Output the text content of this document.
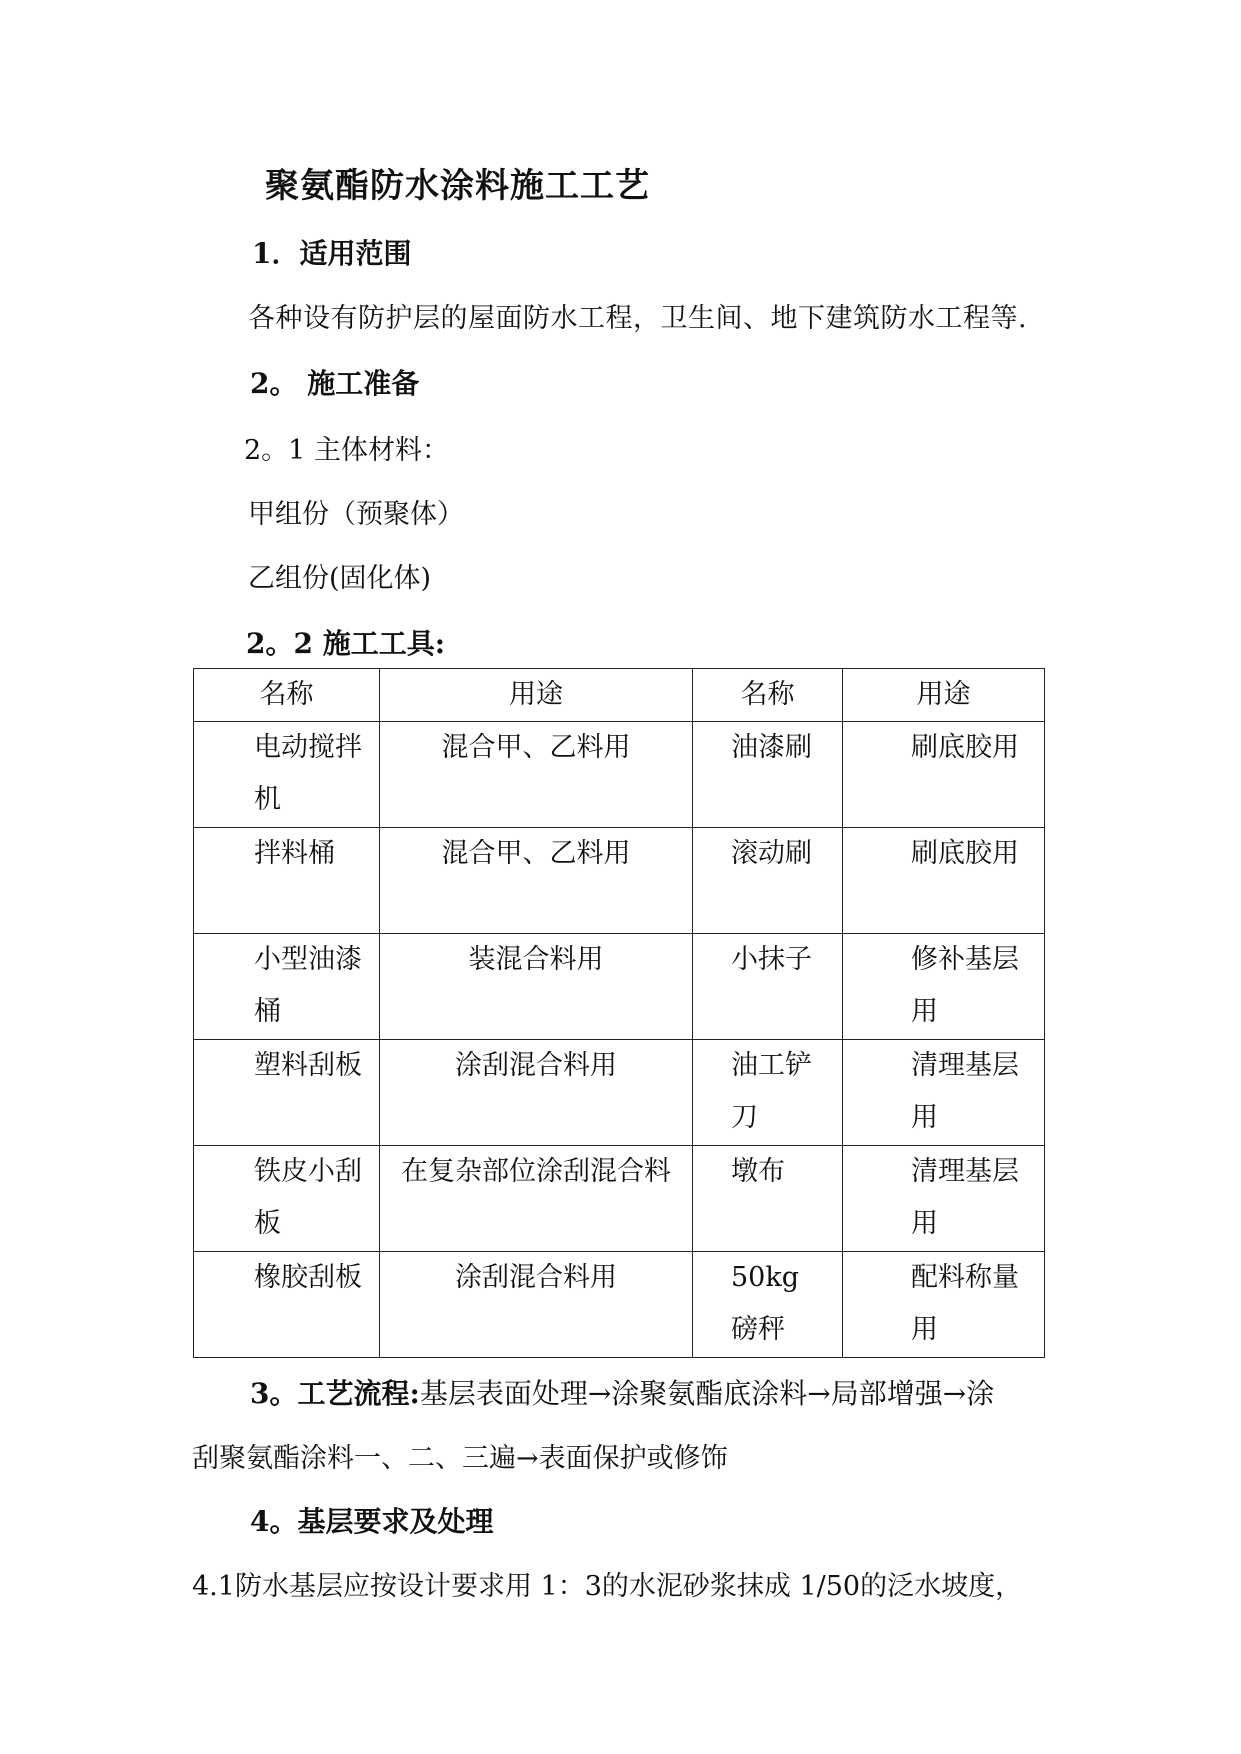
聚氨酯防水涂料施工工艺
1．适用范围
各种设有防护层的屋面防水工程，卫生间、地下建筑防水工程等.
2。 施工准备
2。1 主体材料：
甲组份（预聚体）
乙组份(固化体)
2。2 施工工具:
名称	用途	名称	用途
电动搅拌机	混合甲、乙料用	油漆刷	刷底胶用
拌料桶	混合甲、乙料用	滚动刷	刷底胶用
小型油漆桶	装混合料用	小抹子	修补基层用
塑料刮板	涂刮混合料用	油工铲刀	清理基层用
铁皮小刮板	在复杂部位涂刮混合料	墩布	清理基层用
橡胶刮板	涂刮混合料用	50kg 磅秤	配料称量用
3。工艺流程:基层表面处理→涂聚氨酯底涂料→局部增强→涂
刮聚氨酯涂料一、二、三遍→表面保护或修饰
4。基层要求及处理
4.1防水基层应按设计要求用 1：3的水泥砂浆抹成 1/50的泛水坡度，
